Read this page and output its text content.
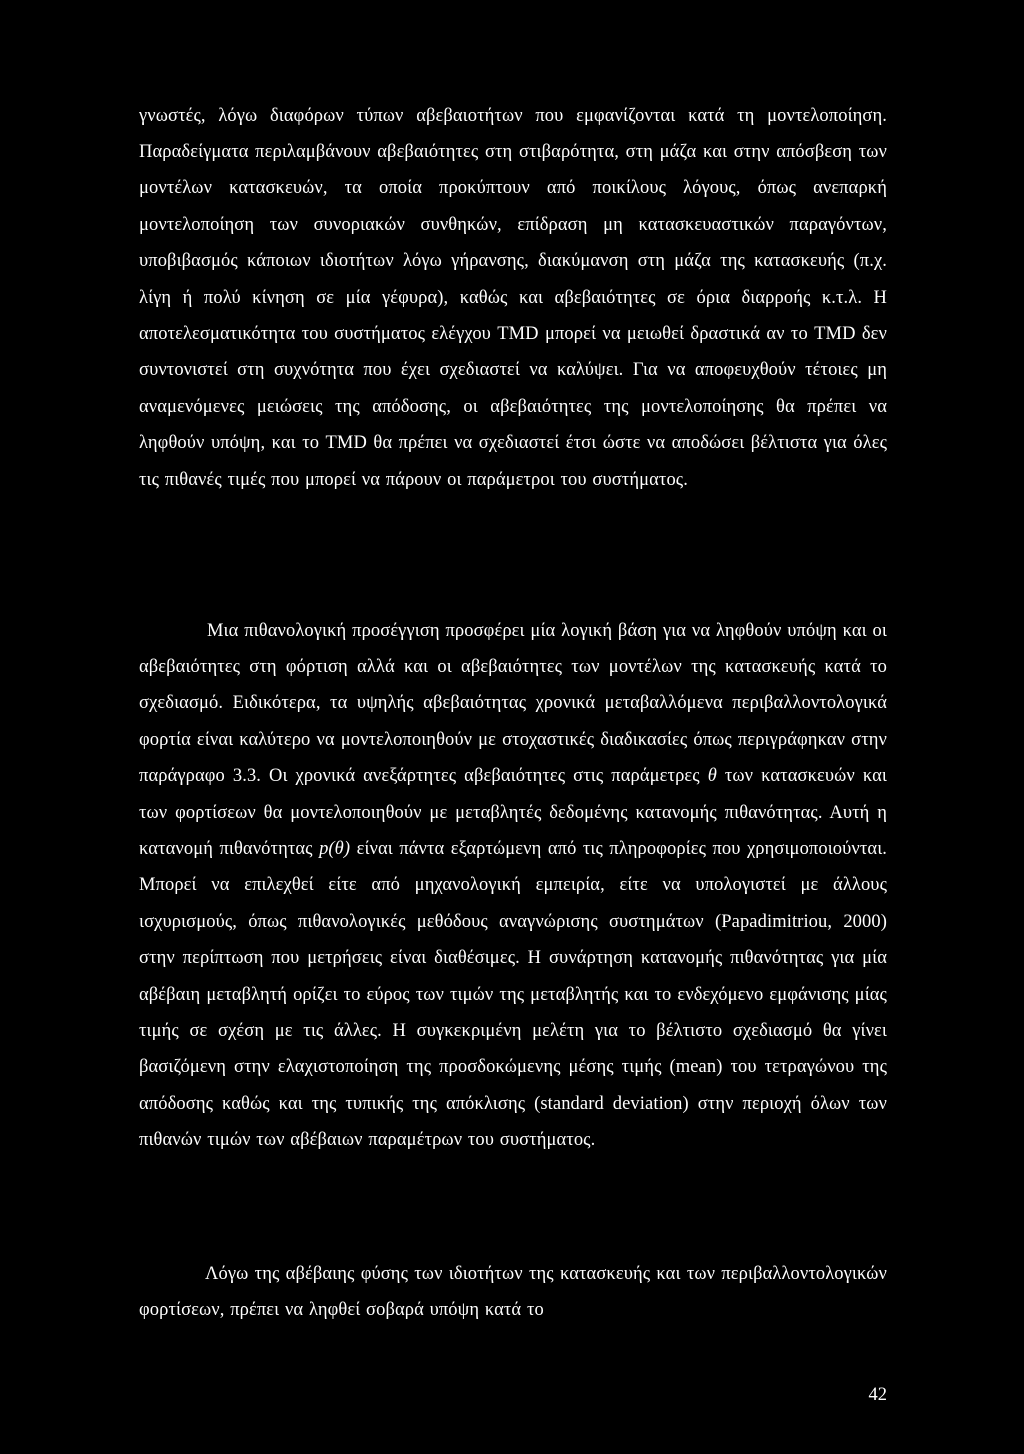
γνωστές, λόγω διαφόρων τύπων αβεβαιοτήτων που εμφανίζονται κατά τη μοντελοποίηση. Παραδείγματα περιλαμβάνουν αβεβαιότητες στη στιβαρότητα, στη μάζα και στην απόσβεση των μοντέλων κατασκευών, τα οποία προκύπτουν από ποικίλους λόγους, όπως ανεπαρκή μοντελοποίηση των συνοριακών συνθηκών, επίδραση μη κατασκευαστικών παραγόντων, υποβιβασμός κάποιων ιδιοτήτων λόγω γήρανσης, διακύμανση στη μάζα της κατασκευής (π.χ. λίγη ή πολύ κίνηση σε μία γέφυρα), καθώς και αβεβαιότητες σε όρια διαρροής κ.τ.λ. Η αποτελεσματικότητα του συστήματος ελέγχου TMD μπορεί να μειωθεί δραστικά αν το TMD δεν συντονιστεί στη συχνότητα που έχει σχεδιαστεί να καλύψει. Για να αποφευχθούν τέτοιες μη αναμενόμενες μειώσεις της απόδοσης, οι αβεβαιότητες της μοντελοποίησης θα πρέπει να ληφθούν υπόψη, και το TMD θα πρέπει να σχεδιαστεί έτσι ώστε να αποδώσει βέλτιστα για όλες τις πιθανές τιμές που μπορεί να πάρουν οι παράμετροι του συστήματος.

Μια πιθανολογική προσέγγιση προσφέρει μία λογική βάση για να ληφθούν υπόψη και οι αβεβαιότητες στη φόρτιση αλλά και οι αβεβαιότητες των μοντέλων της κατασκευής κατά το σχεδιασμό. Ειδικότερα, τα υψηλής αβεβαιότητας χρονικά μεταβαλλόμενα περιβαλλοντολογικά φορτία είναι καλύτερο να μοντελοποιηθούν με στοχαστικές διαδικασίες όπως περιγράφηκαν στην παράγραφο 3.3. Οι χρονικά ανεξάρτητες αβεβαιότητες στις παράμετρες θ των κατασκευών και των φορτίσεων θα μοντελοποιηθούν με μεταβλητές δεδομένης κατανομής πιθανότητας. Αυτή η κατανομή πιθανότητας p(θ) είναι πάντα εξαρτώμενη από τις πληροφορίες που χρησιμοποιούνται. Μπορεί να επιλεχθεί είτε από μηχανολογική εμπειρία, είτε να υπολογιστεί με άλλους ισχυρισμούς, όπως πιθανολογικές μεθόδους αναγνώρισης συστημάτων (Papadimitriou, 2000) στην περίπτωση που μετρήσεις είναι διαθέσιμες. Η συνάρτηση κατανομής πιθανότητας για μία αβέβαιη μεταβλητή ορίζει το εύρος των τιμών της μεταβλητής και το ενδεχόμενο εμφάνισης μίας τιμής σε σχέση με τις άλλες. Η συγκεκριμένη μελέτη για το βέλτιστο σχεδιασμό θα γίνει βασιζόμενη στην ελαχιστοποίηση της προσδοκώμενης μέσης τιμής (mean) του τετραγώνου της απόδοσης καθώς και της τυπικής της απόκλισης (standard deviation) στην περιοχή όλων των πιθανών τιμών των αβέβαιων παραμέτρων του συστήματος.

Λόγω της αβέβαιης φύσης των ιδιοτήτων της κατασκευής και των περιβαλλοντολογικών φορτίσεων, πρέπει να ληφθεί σοβαρά υπόψη κατά το

42
